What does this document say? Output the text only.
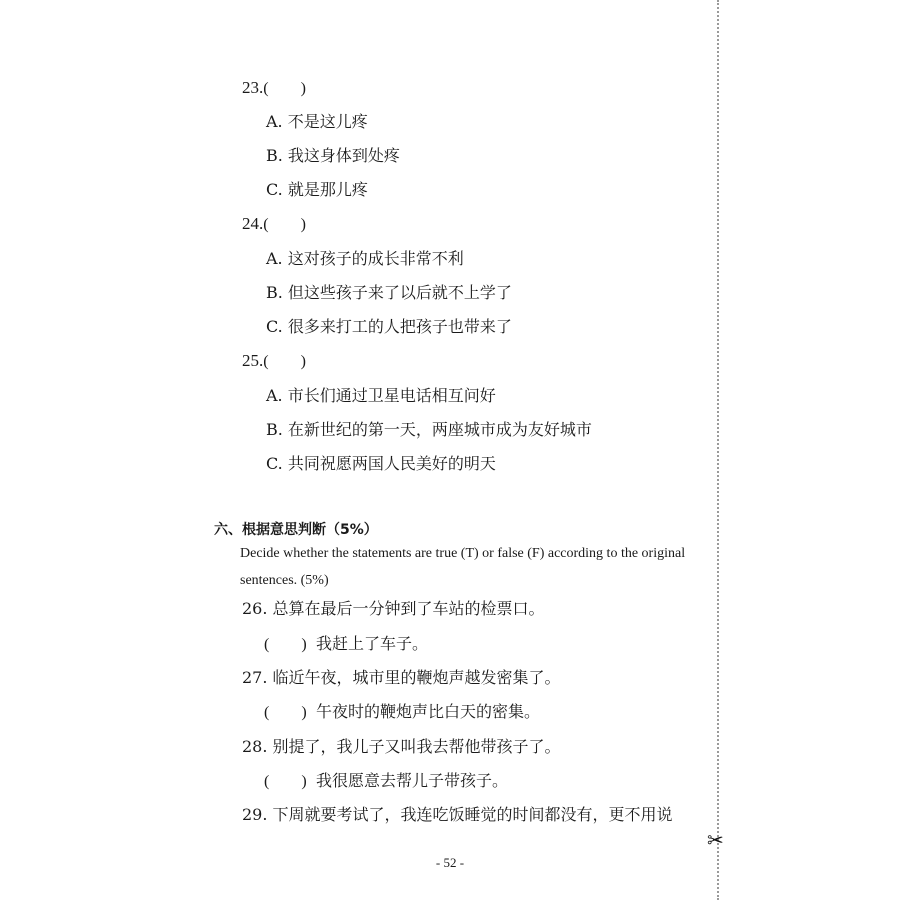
23.(　　)
A. 不是这儿疼
B. 我这身体到处疼
C. 就是那儿疼
24.(　　)
A. 这对孩子的成长非常不利
B. 但这些孩子来了以后就不上学了
C. 很多来打工的人把孩子也带来了
25.(　　)
A. 市长们通过卫星电话相互问好
B. 在新世纪的第一天，两座城市成为友好城市
C. 共同祝愿两国人民美好的明天
六、根据意思判断（5%）
Decide whether the statements are true (T) or false (F) according to the original
sentences. (5%)
26. 总算在最后一分钟到了车站的检票口。
(　　) 我赶上了车子。
27. 临近午夜，城市里的鞭炮声越发密集了。
(　　) 午夜时的鞭炮声比白天的密集。
28. 别提了，我儿子又叫我去帮他带孩子了。
(　　) 我很愿意去帮儿子带孩子。
29. 下周就要考试了，我连吃饭睡觉的时间都没有，更不用说
- 52 -
✂
